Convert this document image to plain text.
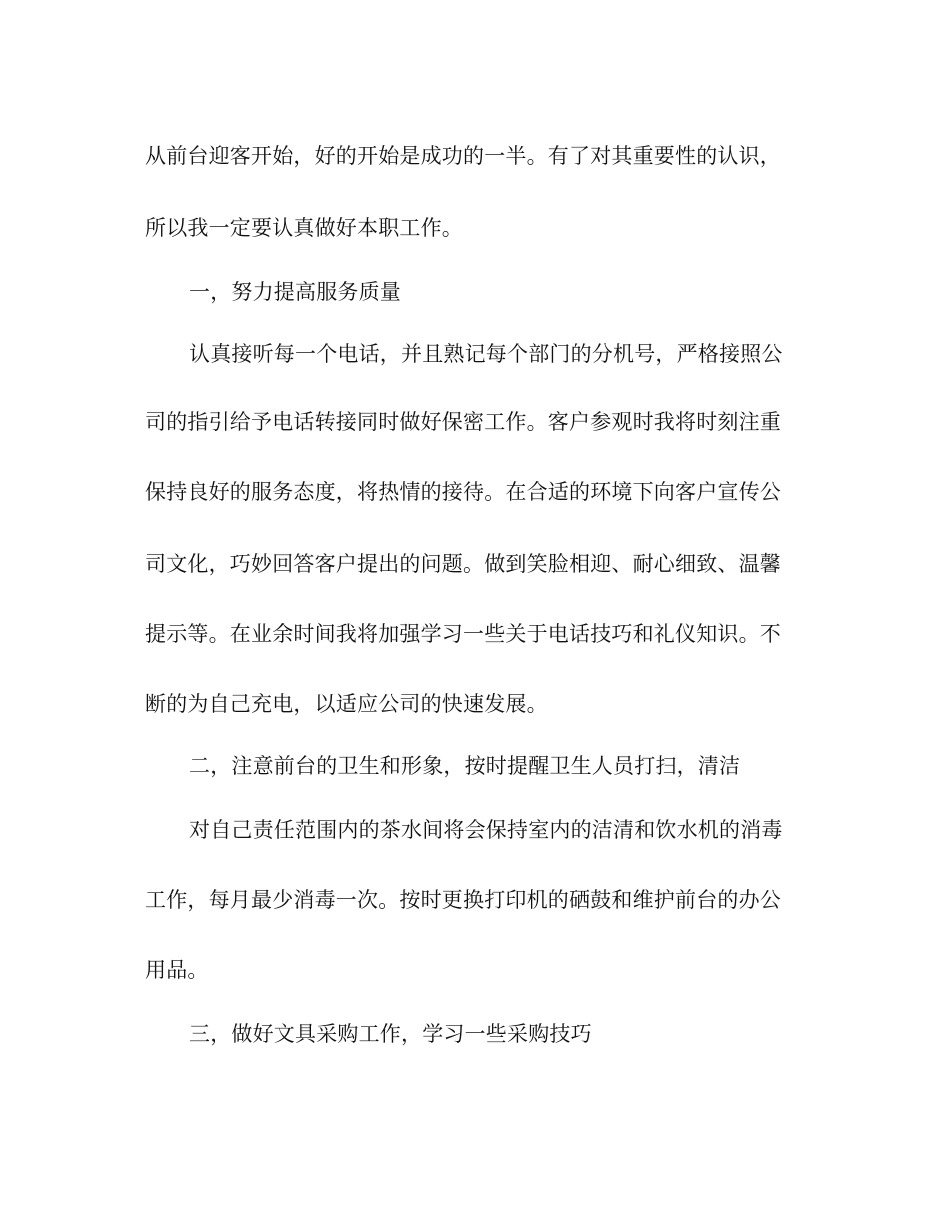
从前台迎客开始，好的开始是成功的一半。有了对其重要性的认识，
所以我一定要认真做好本职工作。
一，努力提高服务质量
认真接听每一个电话，并且熟记每个部门的分机号，严格接照公
司的指引给予电话转接同时做好保密工作。客户参观时我将时刻注重
保持良好的服务态度，将热情的接待。在合适的环境下向客户宣传公
司文化，巧妙回答客户提出的问题。做到笑脸相迎、耐心细致、温馨
提示等。在业余时间我将加强学习一些关于电话技巧和礼仪知识。不
断的为自己充电，以适应公司的快速发展。
二，注意前台的卫生和形象，按时提醒卫生人员打扫，清洁
对自己责任范围内的茶水间将会保持室内的洁清和饮水机的消毒
工作，每月最少消毒一次。按时更换打印机的硒鼓和维护前台的办公
用品。
三，做好文具采购工作，学习一些采购技巧
